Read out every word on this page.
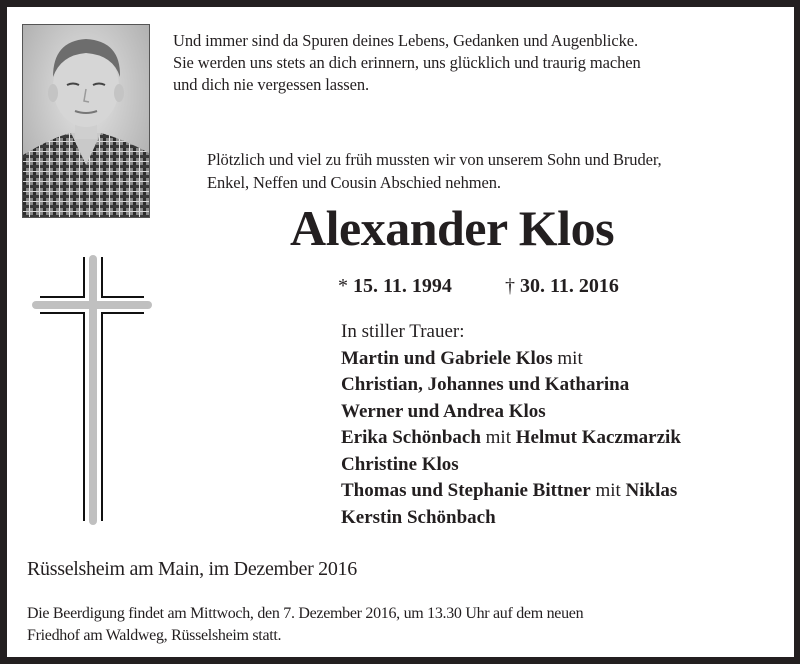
Und immer sind da Spuren deines Lebens, Gedanken und Augenblicke.
Sie werden uns stets an dich erinnern, uns glücklich und traurig machen
und dich nie vergessen lassen.
Plötzlich und viel zu früh mussten wir von unserem Sohn und Bruder,
Enkel, Neffen und Cousin Abschied nehmen.
Alexander Klos
* 15. 11. 1994	† 30. 11. 2016
In stiller Trauer:
Martin und Gabriele Klos mit
Christian, Johannes und Katharina
Werner und Andrea Klos
Erika Schönbach mit Helmut Kaczmarzik
Christine Klos
Thomas und Stephanie Bittner mit Niklas
Kerstin Schönbach
Rüsselsheim am Main, im Dezember 2016
Die Beerdigung findet am Mittwoch, den 7. Dezember 2016, um 13.30 Uhr auf dem neuen
Friedhof am Waldweg, Rüsselsheim statt.
